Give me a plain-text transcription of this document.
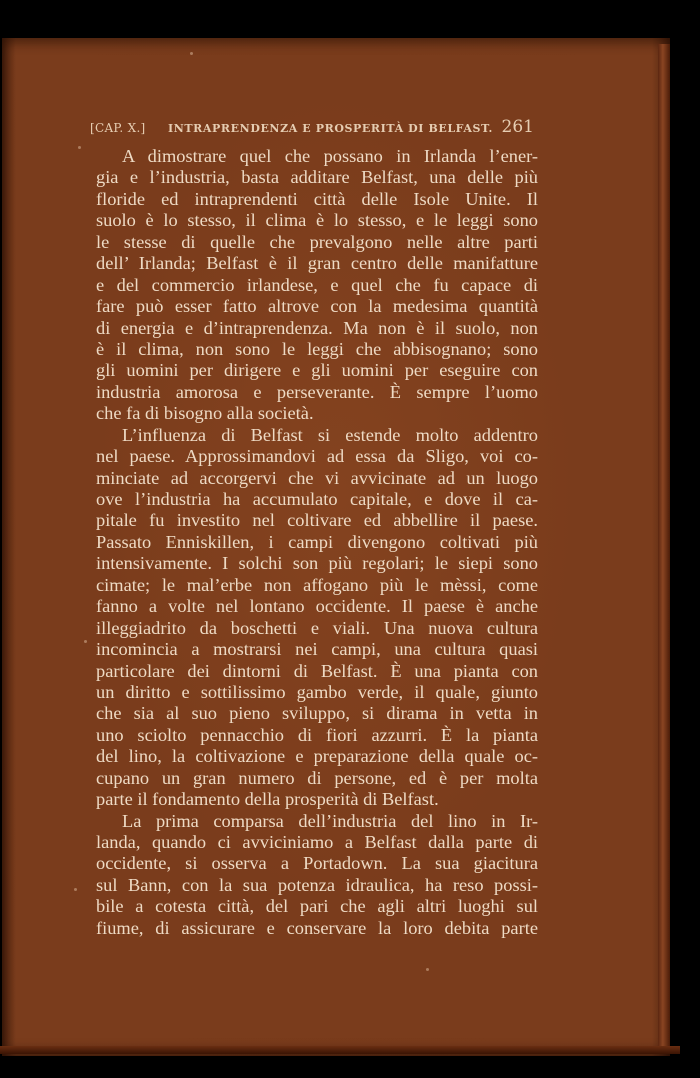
[CAP. X.] INTRAPRENDENZA E PROSPERITÀ DI BELFAST. 261
A dimostrare quel che possano in Irlanda l’ener-
gia e l’industria, basta additare Belfast, una delle più
floride ed intraprendenti città delle Isole Unite. Il
suolo è lo stesso, il clima è lo stesso, e le leggi sono
le stesse di quelle che prevalgono nelle altre parti
dell’ Irlanda; Belfast è il gran centro delle manifatture
e del commercio irlandese, e quel che fu capace di
fare può esser fatto altrove con la medesima quantità
di energia e d’intraprendenza. Ma non è il suolo, non
è il clima, non sono le leggi che abbisognano; sono
gli uomini per dirigere e gli uomini per eseguire con
industria amorosa e perseverante. È sempre l’uomo
che fa di bisogno alla società.
L’influenza di Belfast si estende molto addentro
nel paese. Approssimandovi ad essa da Sligo, voi co-
minciate ad accorgervi che vi avvicinate ad un luogo
ove l’industria ha accumulato capitale, e dove il ca-
pitale fu investito nel coltivare ed abbellire il paese.
Passato Enniskillen, i campi divengono coltivati più
intensivamente. I solchi son più regolari; le siepi sono
cimate; le mal’erbe non affogano più le mèssi, come
fanno a volte nel lontano occidente. Il paese è anche
illeggiadrito da boschetti e viali. Una nuova cultura
incomincia a mostrarsi nei campi, una cultura quasi
particolare dei dintorni di Belfast. È una pianta con
un diritto e sottilissimo gambo verde, il quale, giunto
che sia al suo pieno sviluppo, si dirama in vetta in
uno sciolto pennacchio di fiori azzurri. È la pianta
del lino, la coltivazione e preparazione della quale oc-
cupano un gran numero di persone, ed è per molta
parte il fondamento della prosperità di Belfast.
La prima comparsa dell’industria del lino in Ir-
landa, quando ci avviciniamo a Belfast dalla parte di
occidente, si osserva a Portadown. La sua giacitura
sul Bann, con la sua potenza idraulica, ha reso possi-
bile a cotesta città, del pari che agli altri luoghi sul
fiume, di assicurare e conservare la loro debita parte
